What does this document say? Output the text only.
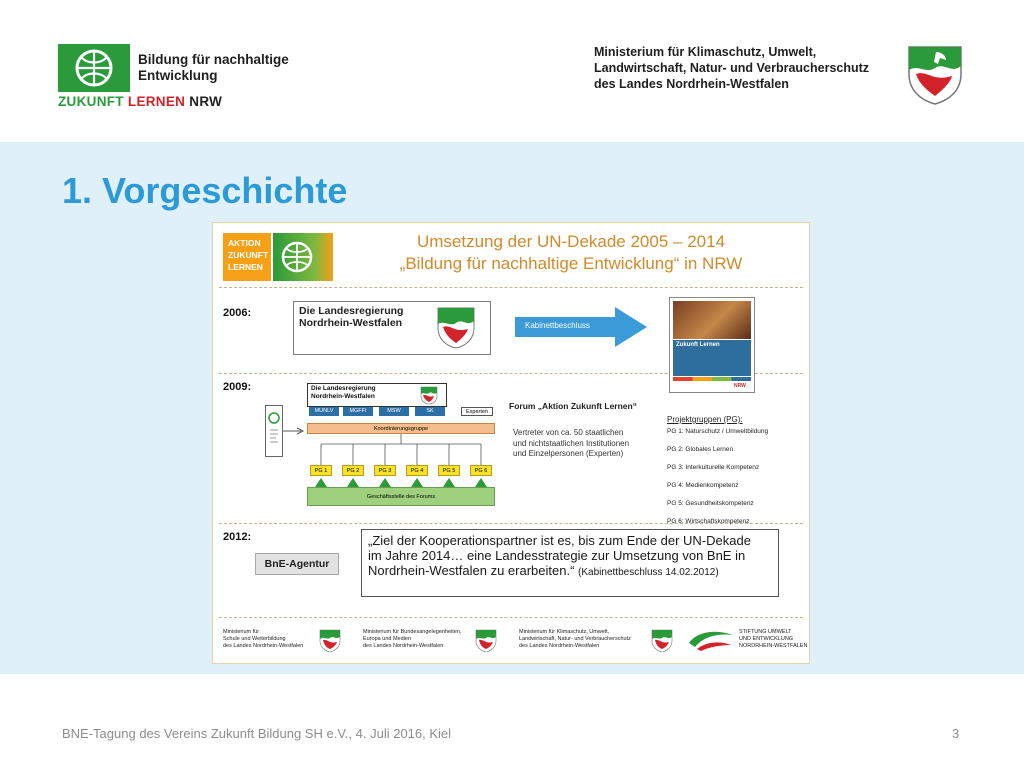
Bildung für nachhaltige
Entwicklung
ZUKUNFT LERNEN NRW
Ministerium für Klimaschutz, Umwelt,
Landwirtschaft, Natur- und Verbraucherschutz
des Landes Nordrhein-Westfalen
1. Vorgeschichte
AKTION
ZUKUNFT
LERNEN
Umsetzung der UN-Dekade 2005 – 2014
„Bildung für nachhaltige Entwicklung“ in NRW
2006:	Die Landesregierung
Nordrhein-Westfalen	Kabinettbeschluss
Zukunft Lernen
NRW
2009:	Die Landesregierung
Nordrhein-Westfalen
MUNLV	MGFFI	MSW	SK	Experten
Koordinierungsgruppe
PG 1	PG 2	PG 3	PG 4	PG 5	PG 6
Geschäftsstelle des Forums
Forum „Aktion Zukunft Lernen“
Vertreter von ca. 50 staatlichen
und nichtstaatlichen Institutionen
und Einzelpersonen (Experten)
Projektgruppen (PG):
PG 1: Naturschutz / Umweltbildung
PG 2: Globales Lernen
PG 3: Interkulturelle Kompetenz
PG 4: Medienkompetenz
PG 5: Gesundheitskompetenz
PG 6: Wirtschaftskompetenz
2012:
BnE-Agentur
„Ziel der Kooperationspartner ist es, bis zum Ende der UN-Dekade
im Jahre 2014… eine Landesstrategie zur Umsetzung von BnE in
Nordrhein-Westfalen zu erarbeiten.“ (Kabinettbeschluss 14.02.2012)
Ministerium für
Schule und Weiterbildung
des Landes Nordrhein-Westfalen
Ministerium für Bundesangelegenheiten,
Europa und Medien
des Landes Nordrhein-Westfalen
Ministerium für Klimaschutz, Umwelt,
Landwirtschaft, Natur- und Verbraucherschutz
des Landes Nordrhein-Westfalen
STIFTUNG UMWELT
UND ENTWICKLUNG
NORDRHEIN-WESTFALEN
BNE-Tagung des Vereins Zukunft Bildung SH e.V., 4. Juli 2016, Kiel	3
